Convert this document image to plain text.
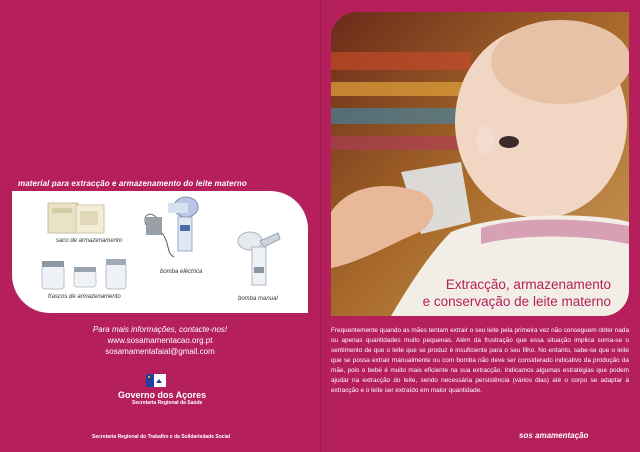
material para extracção e armazenamento do leite materno
saco de armazenamento
bomba eléctrica
frascos de armazenamento	bomba manual
Para mais informações, contacte-nos!
www.sosamamentacao.org.pt
sosamamentafaial@gmail.com
Governo dos Açores
Secretaria Regional da Saúde
Secretaria Regional do Trabalho e da Solidariedade Social
Extracção, armazenamento
e conservação de leite materno
Frequentemente quando as mães tentam extrair o seu leite pela primeira vez não conseguem obter nada ou apenas quantidades muito pequenas. Além da frustração que essa situação implica soma-se o sentimento de que o leite que se produz é insuficiente para o seu filho. No entanto, sabe-se que o leite que se possa extrair manualmente ou com bomba não deve ser considerado indicativo da produção da mãe, pois o bebé é muito mais eficiente na sua extracção. Indicamos algumas estratégias que podem ajudar na extracção do leite, sendo necessária persistência (vários dias) até o corpo se adaptar à extracção e o leite ser extraído em maior quantidade.
sos amamentação
